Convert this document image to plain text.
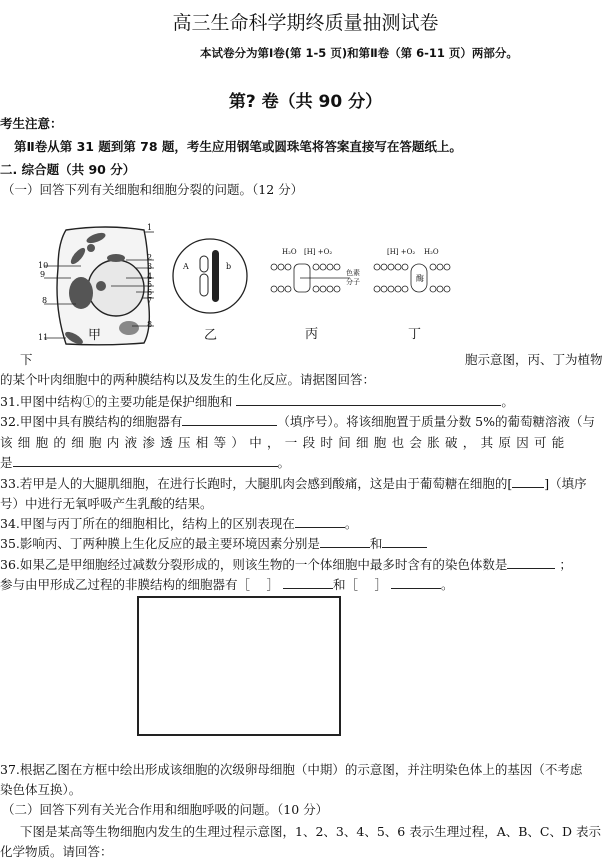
高三生命科学期终质量抽测试卷
本试卷分为第Ⅰ卷(第 1-5 页)和第Ⅱ卷（第 6-11 页）两部分。
第? 卷（共 90 分）
考生注意：
第Ⅱ卷从第 31 题到第 78 题，考生应用钢笔或圆珠笔将答案直接写在答题纸上。
二. 综合题（共 90 分）
（一）回答下列有关细胞和细胞分裂的问题。（12 分）
1
2
3
4
5
6
7
8
8
9
10
11	甲
A	b
乙
H₂O [H] +O₂
色素
分子
丙
酶
[H] +O₂ H₂O
丁
下	胞示意图，丙、丁为植物
的某个叶肉细胞中的两种膜结构以及发生的生化反应。请据图回答：
31.甲图中结构①的主要功能是保护细胞和	。
32.甲图中具有膜结构的细胞器有	（填序号）。将该细胞置于质量分数 5%的葡萄糖溶液（与
该细胞的细胞内液渗透压相等）中，一段时间细胞也会胀破，其原因可能
是	。
33.若甲是人的大腿肌细胞，在进行长跑时，大腿肌肉会感到酸痛，这是由于葡萄糖在细胞的[	]（填序
号）中进行无氧呼吸产生乳酸的结果。
34.甲图与丙丁所在的细胞相比，结构上的区别表现在	。
35.影响丙、丁两种膜上生化反应的最主要环境因素分别是	和
36.如果乙是甲细胞经过减数分裂形成的，则该生物的一个体细胞中最多时含有的染色体数是	；
参与由甲形成乙过程的非膜结构的细胞器有［　 ］	和［　 ］	。
37.根据乙图在方框中绘出形成该细胞的次级卵母细胞（中期）的示意图，并注明染色体上的基因（不考虑
染色体互换）。
（二）回答下列有关光合作用和细胞呼吸的问题。（10 分）
下图是某高等生物细胞内发生的生理过程示意图，1、2、3、4、5、6 表示生理过程，A、B、C、D 表示
化学物质。请回答：
